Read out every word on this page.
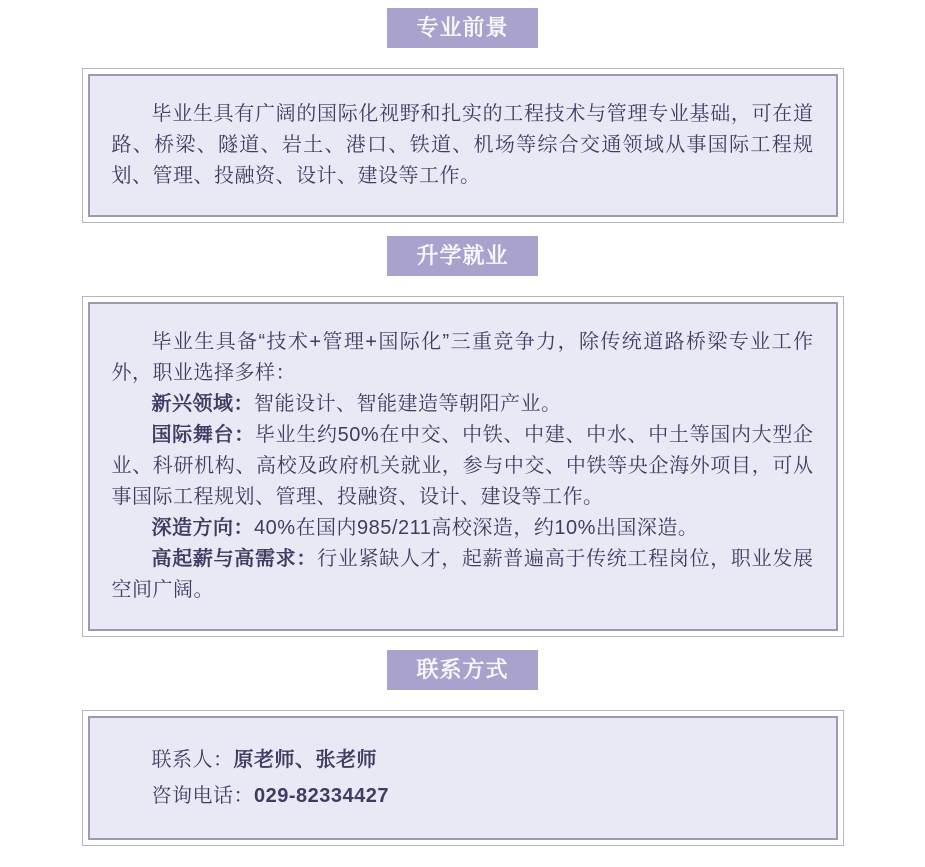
专业前景

毕业生具有广阔的国际化视野和扎实的工程技术与管理专业基础，可在道路、桥梁、隧道、岩土、港口、铁道、机场等综合交通领域从事国际工程规划、管理、投融资、设计、建设等工作。

升学就业

毕业生具备“技术+管理+国际化”三重竞争力，除传统道路桥梁专业工作外，职业选择多样：

新兴领域：智能设计、智能建造等朝阳产业。

国际舞台：毕业生约50%在中交、中铁、中建、中水、中土等国内大型企业、科研机构、高校及政府机关就业，参与中交、中铁等央企海外项目，可从事国际工程规划、管理、投融资、设计、建设等工作。

深造方向：40%在国内985/211高校深造，约10%出国深造。

高起薪与高需求：行业紧缺人才，起薪普遍高于传统工程岗位，职业发展空间广阔。

联系方式

联系人：原老师、张老师

咨询电话：029-82334427
